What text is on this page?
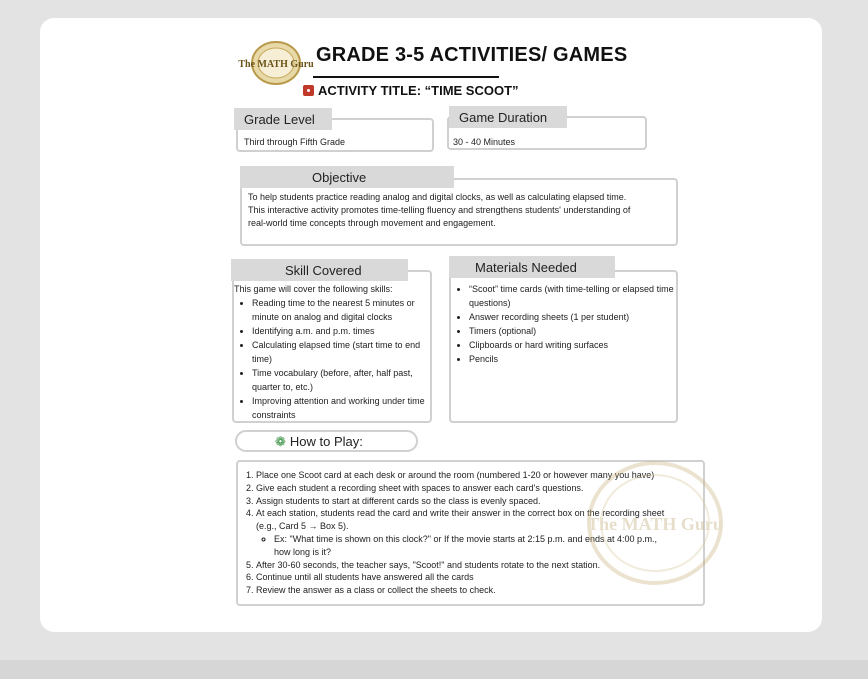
The MATH Guru GRADE 3-5 ACTIVITIES/ GAMES
ACTIVITY TITLE: “TIME SCOOT”
Third through Fifth Grade
Grade Level
30 - 40 Minutes
Game Duration
To help students practice reading analog and digital clocks, as well as calculating elapsed time.
This interactive activity promotes time-telling fluency and strengthens students' understanding of
real-world time concepts through movement and engagement.
Objective
This game will cover the following skills:
• Reading time to the nearest 5 minutes or minute on analog and digital clocks
• Identifying a.m. and p.m. times
• Calculating elapsed time (start time to end time)
• Time vocabulary (before, after, half past, quarter to, etc.)
• Improving attention and working under time constraints
Skill Covered
• “Scoot” time cards (with time-telling or elapsed time questions)
• Answer recording sheets (1 per student)
• Timers (optional)
• Clipboards or hard writing surfaces
• Pencils
Materials Needed
❁ How to Play:
1. Place one Scoot card at each desk or around the room (numbered 1-20 or however many you have)
2. Give each student a recording sheet with spaces to answer each card's questions.
3. Assign students to start at different cards so the class is evenly spaced.
4. At each station, students read the card and write their answer in the correct box on the recording sheet (e.g., Card 5 → Box 5).
◦ Ex: "What time is shown on this clock?" or If the movie starts at 2:15 p.m. and ends at 4:00 p.m., how long is it?
5. After 30-60 seconds, the teacher says, "Scoot!" and students rotate to the next station.
6. Continue until all students have answered all the cards
7. Review the answer as a class or collect the sheets to check.
The MATH Guru
